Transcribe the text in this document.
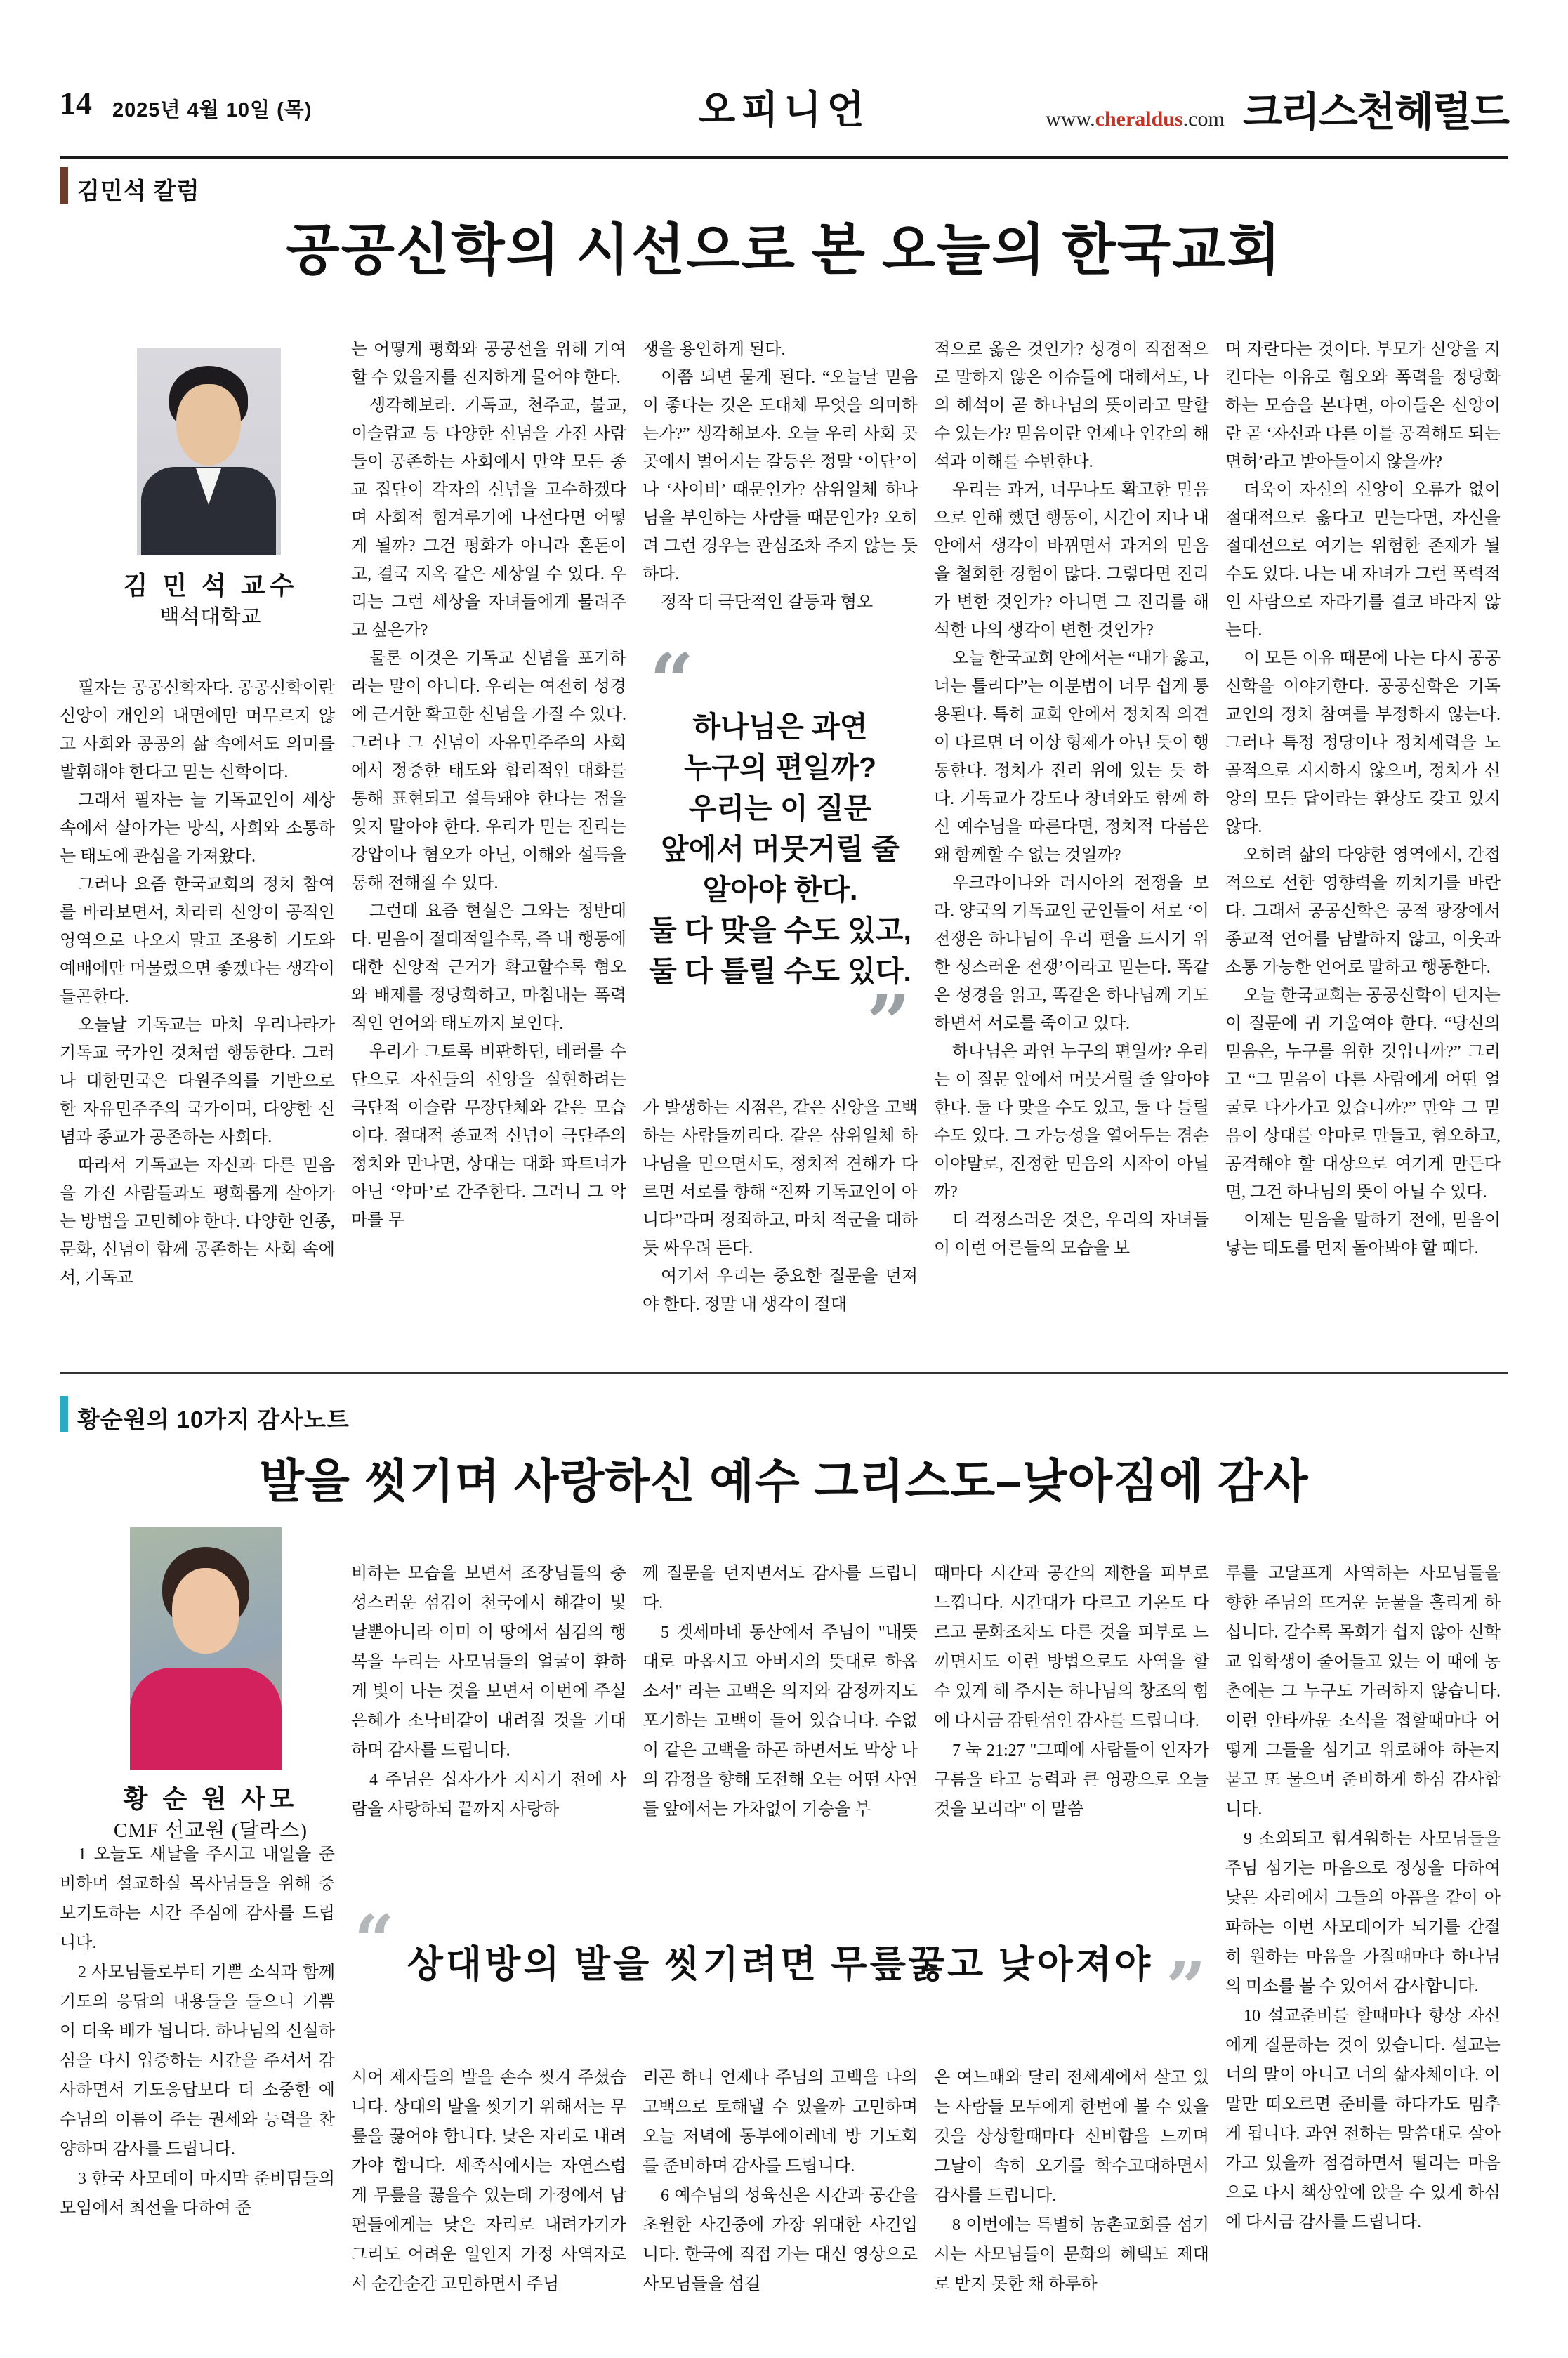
14 2025년 4월 10일 (목)	오피니언	www.cheraldus.com 크리스천헤럴드
김민석 칼럼
공공신학의 시선으로 본 오늘의 한국교회
김 민 석 교수
백석대학교

필자는 공공신학자다. 공공신학이란 신앙이 개인의 내면에만 머무르지 않고 사회와 공공의 삶 속에서도 의미를 발휘해야 한다고 믿는 신학이다.

그래서 필자는 늘 기독교인이 세상 속에서 살아가는 방식, 사회와 소통하는 태도에 관심을 가져왔다.

그러나 요즘 한국교회의 정치 참여를 바라보면서, 차라리 신앙이 공적인 영역으로 나오지 말고 조용히 기도와 예배에만 머물렀으면 좋겠다는 생각이 들곤한다.

오늘날 기독교는 마치 우리나라가 기독교 국가인 것처럼 행동한다. 그러나 대한민국은 다원주의를 기반으로 한 자유민주주의 국가이며, 다양한 신념과 종교가 공존하는 사회다.

따라서 기독교는 자신과 다른 믿음을 가진 사람들과도 평화롭게 살아가는 방법을 고민해야 한다. 다양한 인종, 문화, 신념이 함께 공존하는 사회 속에서, 기독교

는 어떻게 평화와 공공선을 위해 기여할 수 있을지를 진지하게 물어야 한다.

생각해보라. 기독교, 천주교, 불교, 이슬람교 등 다양한 신념을 가진 사람들이 공존하는 사회에서 만약 모든 종교 집단이 각자의 신념을 고수하겠다며 사회적 힘겨루기에 나선다면 어떻게 될까? 그건 평화가 아니라 혼돈이고, 결국 지옥 같은 세상일 수 있다. 우리는 그런 세상을 자녀들에게 물려주고 싶은가?

물론 이것은 기독교 신념을 포기하라는 말이 아니다. 우리는 여전히 성경에 근거한 확고한 신념을 가질 수 있다. 그러나 그 신념이 자유민주주의 사회에서 정중한 태도와 합리적인 대화를 통해 표현되고 설득돼야 한다는 점을 잊지 말아야 한다. 우리가 믿는 진리는 강압이나 혐오가 아닌, 이해와 설득을 통해 전해질 수 있다.

그런데 요즘 현실은 그와는 정반대다. 믿음이 절대적일수록, 즉 내 행동에 대한 신앙적 근거가 확고할수록 혐오와 배제를 정당화하고, 마침내는 폭력적인 언어와 태도까지 보인다.

우리가 그토록 비판하던, 테러를 수단으로 자신들의 신앙을 실현하려는 극단적 이슬람 무장단체와 같은 모습이다. 절대적 종교적 신념이 극단주의 정치와 만나면, 상대는 대화 파트너가 아닌 ‘악마’로 간주한다. 그러니 그 악마를 무

쟁을 용인하게 된다.

이쯤 되면 묻게 된다. “오늘날 믿음이 좋다는 것은 도대체 무엇을 의미하는가?” 생각해보자. 오늘 우리 사회 곳곳에서 벌어지는 갈등은 정말 ‘이단’이나 ‘사이비’ 때문인가? 삼위일체 하나님을 부인하는 사람들 때문인가? 오히려 그런 경우는 관심조차 주지 않는 듯하다.

정작 더 극단적인 갈등과 혐오

“
하나님은 과연
누구의 편일까?
우리는 이 질문
앞에서 머뭇거릴 줄
알아야 한다.
둘 다 맞을 수도 있고,
둘 다 틀릴 수도 있다.
”

가 발생하는 지점은, 같은 신앙을 고백하는 사람들끼리다. 같은 삼위일체 하나님을 믿으면서도, 정치적 견해가 다르면 서로를 향해 “진짜 기독교인이 아니다”라며 정죄하고, 마치 적군을 대하듯 싸우려 든다.

여기서 우리는 중요한 질문을 던져야 한다. 정말 내 생각이 절대

적으로 옳은 것인가? 성경이 직접적으로 말하지 않은 이슈들에 대해서도, 나의 해석이 곧 하나님의 뜻이라고 말할 수 있는가? 믿음이란 언제나 인간의 해석과 이해를 수반한다.

우리는 과거, 너무나도 확고한 믿음으로 인해 했던 행동이, 시간이 지나 내 안에서 생각이 바뀌면서 과거의 믿음을 철회한 경험이 많다. 그렇다면 진리가 변한 것인가? 아니면 그 진리를 해석한 나의 생각이 변한 것인가?

오늘 한국교회 안에서는 “내가 옳고, 너는 틀리다”는 이분법이 너무 쉽게 통용된다. 특히 교회 안에서 정치적 의견이 다르면 더 이상 형제가 아닌 듯이 행동한다. 정치가 진리 위에 있는 듯 하다. 기독교가 강도나 창녀와도 함께 하신 예수님을 따른다면, 정치적 다름은 왜 함께할 수 없는 것일까?

우크라이나와 러시아의 전쟁을 보라. 양국의 기독교인 군인들이 서로 ‘이 전쟁은 하나님이 우리 편을 드시기 위한 성스러운 전쟁’이라고 믿는다. 똑같은 성경을 읽고, 똑같은 하나님께 기도하면서 서로를 죽이고 있다.

하나님은 과연 누구의 편일까? 우리는 이 질문 앞에서 머뭇거릴 줄 알아야 한다. 둘 다 맞을 수도 있고, 둘 다 틀릴 수도 있다. 그 가능성을 열어두는 겸손이야말로, 진정한 믿음의 시작이 아닐까?

더 걱정스러운 것은, 우리의 자녀들이 이런 어른들의 모습을 보

며 자란다는 것이다. 부모가 신앙을 지킨다는 이유로 혐오와 폭력을 정당화하는 모습을 본다면, 아이들은 신앙이란 곧 ‘자신과 다른 이를 공격해도 되는 면허’라고 받아들이지 않을까?

더욱이 자신의 신앙이 오류가 없이 절대적으로 옳다고 믿는다면, 자신을 절대선으로 여기는 위험한 존재가 될 수도 있다. 나는 내 자녀가 그런 폭력적인 사람으로 자라기를 결코 바라지 않는다.

이 모든 이유 때문에 나는 다시 공공신학을 이야기한다. 공공신학은 기독교인의 정치 참여를 부정하지 않는다. 그러나 특정 정당이나 정치세력을 노골적으로 지지하지 않으며, 정치가 신앙의 모든 답이라는 환상도 갖고 있지 않다.

오히려 삶의 다양한 영역에서, 간접적으로 선한 영향력을 끼치기를 바란다. 그래서 공공신학은 공적 광장에서 종교적 언어를 남발하지 않고, 이웃과 소통 가능한 언어로 말하고 행동한다.

오늘 한국교회는 공공신학이 던지는 이 질문에 귀 기울여야 한다. “당신의 믿음은, 누구를 위한 것입니까?” 그리고 “그 믿음이 다른 사람에게 어떤 얼굴로 다가가고 있습니까?” 만약 그 믿음이 상대를 악마로 만들고, 혐오하고, 공격해야 할 대상으로 여기게 만든다면, 그건 하나님의 뜻이 아닐 수 있다.

이제는 믿음을 말하기 전에, 믿음이 낳는 태도를 먼저 돌아봐야 할 때다.

황순원의 10가지 감사노트
발을 씻기며 사랑하신 예수 그리스도–낮아짐에 감사
황 순 원 사모
CMF 선교원 (달라스)

1 오늘도 새날을 주시고 내일을 준비하며 설교하실 목사님들을 위해 중보기도하는 시간 주심에 감사를 드립니다.

2 사모님들로부터 기쁜 소식과 함께 기도의 응답의 내용들을 들으니 기쁨이 더욱 배가 됩니다. 하나님의 신실하심을 다시 입증하는 시간을 주셔서 감사하면서 기도응답보다 더 소중한 예수님의 이름이 주는 권세와 능력을 찬양하며 감사를 드립니다.

3 한국 사모데이 마지막 준비팀들의 모임에서 최선을 다하여 준

비하는 모습을 보면서 조장님들의 충성스러운 섬김이 천국에서 해같이 빛날뿐아니라 이미 이 땅에서 섬김의 행복을 누리는 사모님들의 얼굴이 환하게 빛이 나는 것을 보면서 이번에 주실 은혜가 소낙비같이 내려질 것을 기대하며 감사를 드립니다.

4 주님은 십자가가 지시기 전에 사람을 사랑하되 끝까지 사랑하

시어 제자들의 발을 손수 씻겨 주셨습니다. 상대의 발을 씻기기 위해서는 무릎을 꿇어야 합니다. 낮은 자리로 내려가야 합니다. 세족식에서는 자연스럽게 무릎을 꿇을수 있는데 가정에서 남편들에게는 낮은 자리로 내려가기가 그리도 어려운 일인지 가정 사역자로서 순간순간 고민하면서 주님

께 질문을 던지면서도 감사를 드립니다.

5 겟세마네 동산에서 주님이 "내뜻대로 마옵시고 아버지의 뜻대로 하옵소서" 라는 고백은 의지와 감정까지도 포기하는 고백이 들어 있습니다. 수없이 같은 고백을 하곤 하면서도 막상 나의 감정을 향해 도전해 오는 어떤 사연들 앞에서는 가차없이 기승을 부

리곤 하니 언제나 주님의 고백을 나의 고백으로 토해낼 수 있을까 고민하며 오늘 저녁에 동부에이레네 방 기도회를 준비하며 감사를 드립니다.

6 예수님의 성육신은 시간과 공간을 초월한 사건중에 가장 위대한 사건입니다. 한국에 직접 가는 대신 영상으로 사모님들을 섬길

때마다 시간과 공간의 제한을 피부로 느낍니다. 시간대가 다르고 기온도 다르고 문화조차도 다른 것을 피부로 느끼면서도 이런 방법으로도 사역을 할 수 있게 해 주시는 하나님의 창조의 힘에 다시금 감탄섞인 감사를 드립니다.

7 눅 21:27 "그때에 사람들이 인자가 구름을 타고 능력과 큰 영광으로 오늘 것을 보리라" 이 말씀

은 여느때와 달리 전세계에서 살고 있는 사람들 모두에게 한번에 볼 수 있을 것을 상상할때마다 신비함을 느끼며 그날이 속히 오기를 학수고대하면서 감사를 드립니다.

8 이번에는 특별히 농촌교회를 섬기시는 사모님들이 문화의 혜택도 제대로 받지 못한 채 하루하

루를 고달프게 사역하는 사모님들을 향한 주님의 뜨거운 눈물을 흘리게 하십니다. 갈수록 목회가 쉽지 않아 신학교 입학생이 줄어들고 있는 이 때에 농촌에는 그 누구도 가려하지 않습니다. 이런 안타까운 소식을 접할때마다 어떻게 그들을 섬기고 위로해야 하는지 묻고 또 물으며 준비하게 하심 감사합니다.

9 소외되고 힘겨워하는 사모님들을 주님 섬기는 마음으로 정성을 다하여 낮은 자리에서 그들의 아픔을 같이 아파하는 이번 사모데이가 되기를 간절히 원하는 마음을 가질때마다 하나님의 미소를 볼 수 있어서 감사합니다.

10 설교준비를 할때마다 항상 자신에게 질문하는 것이 있습니다. 설교는 너의 말이 아니고 너의 삶자체이다. 이 말만 떠오르면 준비를 하다가도 멈추게 됩니다. 과연 전하는 말씀대로 살아가고 있을까 점검하면서 떨리는 마음으로 다시 책상앞에 앉을 수 있게 하심에 다시금 감사를 드립니다.

“ 상대방의 발을 씻기려면 무릎꿇고 낮아져야 ”
